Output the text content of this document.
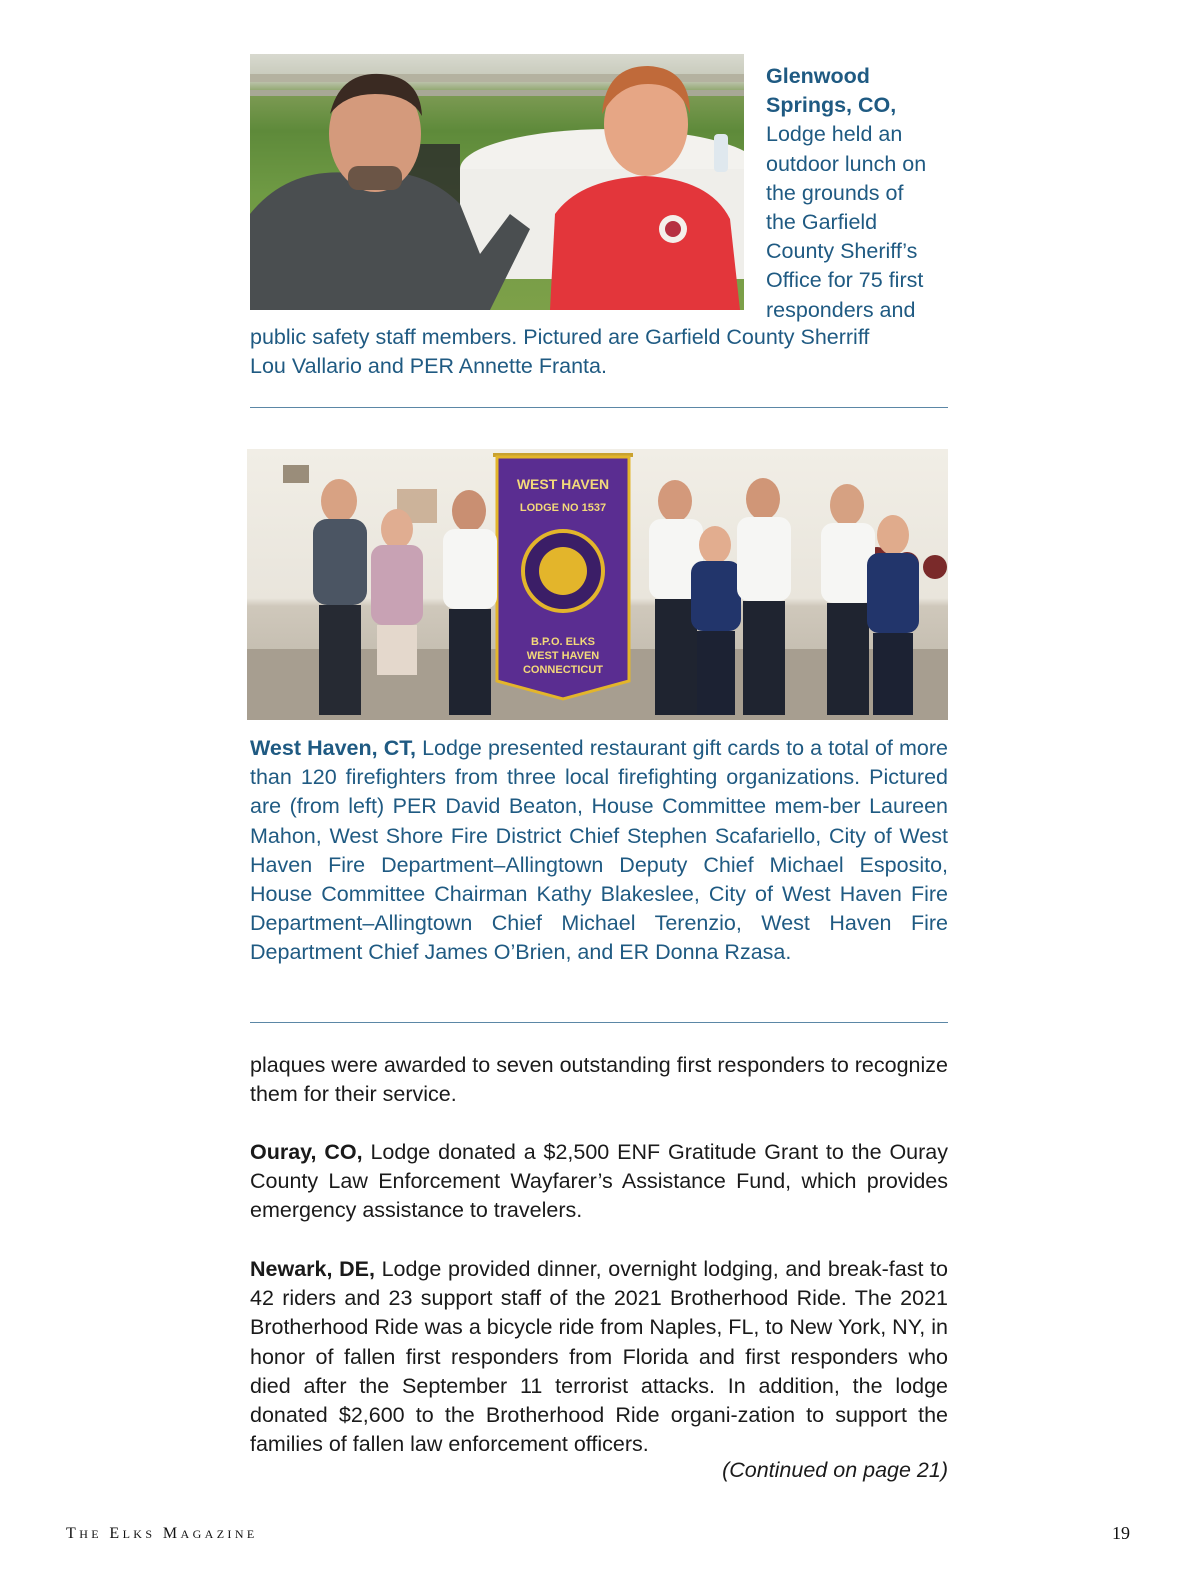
Glenwood
Springs, CO,
Lodge held an
outdoor lunch on
the grounds of
the Garfield
County Sheriff’s
Office for 75 first
responders and
public safety staff members. Pictured are Garfield County Sherriff
Lou Vallario and PER Annette Franta.
WEST HAVEN
LODGE NO 1537
B.P.O. ELKS
WEST HAVEN
CONNECTICUT
West Haven, CT, Lodge presented restaurant gift cards to a total of more than 120 firefighters from three local firefighting organizations. Pictured are (from left) PER David Beaton, House Committee mem-ber Laureen Mahon, West Shore Fire District Chief Stephen Scafariello, City of West Haven Fire Department–Allingtown Deputy Chief Michael Esposito, House Committee Chairman Kathy Blakeslee, City of West Haven Fire Department–Allingtown Chief Michael Terenzio, West Haven Fire Department Chief James O’Brien, and ER Donna Rzasa.
plaques were awarded to seven outstanding first responders to recognize them for their service.
Ouray, CO, Lodge donated a $2,500 ENF Gratitude Grant to the Ouray County Law Enforcement Wayfarer’s Assistance Fund, which provides emergency assistance to travelers.
Newark, DE, Lodge provided dinner, overnight lodging, and break-fast to 42 riders and 23 support staff of the 2021 Brotherhood Ride. The 2021 Brotherhood Ride was a bicycle ride from Naples, FL, to New York, NY, in honor of fallen first responders from Florida and first responders who died after the September 11 terrorist attacks. In addition, the lodge donated $2,600 to the Brotherhood Ride organi-zation to support the families of fallen law enforcement officers.
(Continued on page 21)
THE ELKS MAGAZINE	19
